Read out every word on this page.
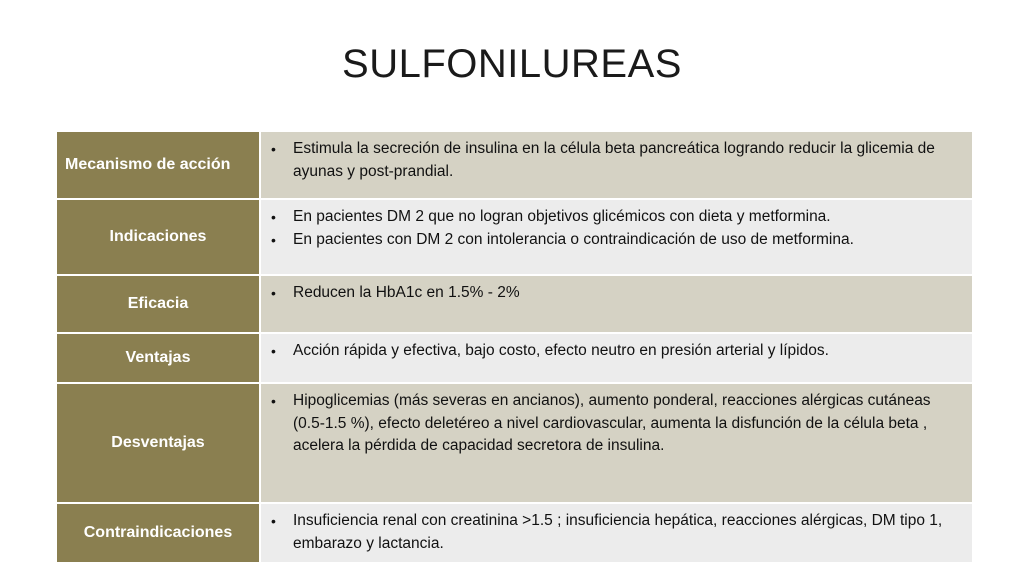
SULFONILUREAS
Mecanismo de acción
• Estimula la secreción de insulina en la célula beta pancreática logrando reducir la glicemia de ayunas y post-prandial.
Indicaciones
• En pacientes DM 2 que no logran objetivos glicémicos con dieta y metformina.
• En pacientes con DM 2 con intolerancia o contraindicación de uso de metformina.
Eficacia
• Reducen la HbA1c en 1.5% - 2%
Ventajas	• Acción rápida y efectiva, bajo costo, efecto neutro en presión arterial y lípidos.
Desventajas
• Hipoglicemias (más severas en ancianos), aumento ponderal, reacciones alérgicas cutáneas (0.5-1.5 %), efecto deletéreo a nivel cardiovascular, aumenta la disfunción de la célula beta , acelera la pérdida de capacidad secretora de insulina.
Contraindicaciones
• Insuficiencia renal con creatinina >1.5 ; insuficiencia hepática, reacciones alérgicas, DM tipo 1, embarazo y lactancia.
